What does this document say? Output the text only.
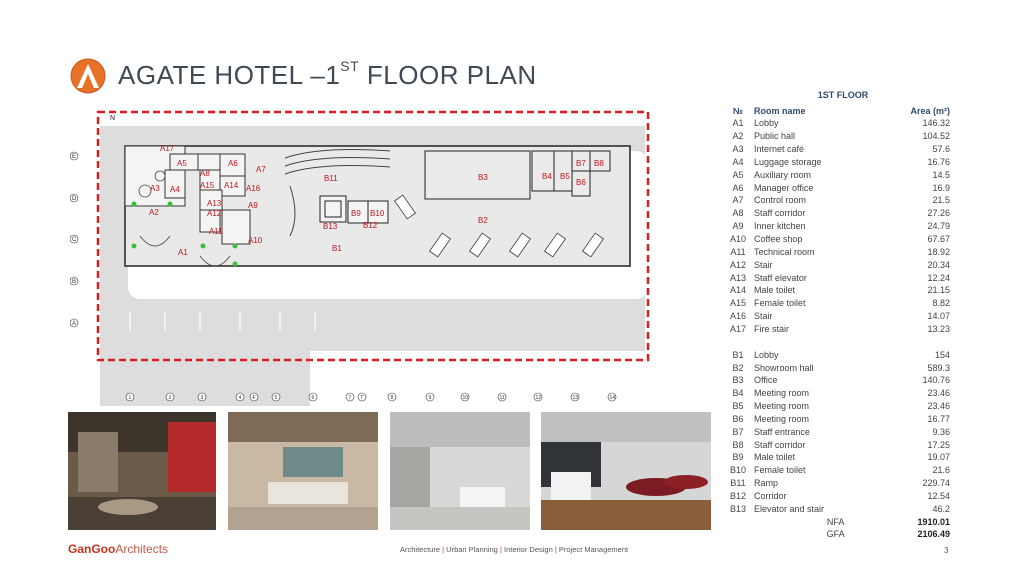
AGATE HOTEL –1ST FLOOR PLAN
A17
A5	A6
A7
A8
A15 A14 A16
A3 A4
A13	A9
A12
A2
A11
A10
A1
B11	B3	B4 B5
B7 B8
B6
B9 B10
B13	B12
B1
B2
N
E
D
C
B
A
1	2	3	4 4'	5	6	7 7'	8	9	10	11	12	13	14
1ST FLOOR
№	Room name	Area (m²)
A1	Lobby	146.32
A2	Public hall	104.52
A3	Internet café	57.6
A4	Luggage storage	16.76
A5	Auxiliary room	14.5
A6	Manager office	16.9
A7	Control room	21.5
A8	Staff corridor	27.26
A9	Inner kitchen	24.79
A10	Coffee shop	67.67
A11	Technical room	18.92
A12	Stair	20.34
A13	Staff elevator	12.24
A14	Male toilet	21.15
A15	Female toilet	8.82
A16	Stair	14.07
A17	Fire stair	13.23

B1	Lobby	154
B2	Showroom hall	589.3
B3	Office	140.76
B4	Meeting room	23.46
B5	Meeting room	23.46
B6	Meeting room	16.77
B7	Staff entrance	9.36
B8	Staff corridor	17.25
B9	Male toilet	19.07
B10	Female toilet	21.6
B11	Ramp	229.74
B12	Corridor	12.54
B13	Elevator and stair	46.2
	NFA	1910.01
	GFA	2106.49
GanGooArchitects	Architecture | Urban Planning | Interior Design | Project Management	3
